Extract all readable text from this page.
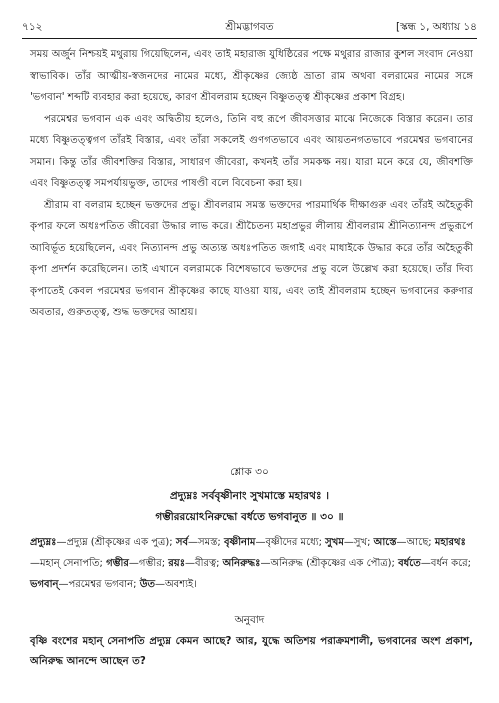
৭১২	শ্রীমদ্ভাগবত	[স্কন্ধ ১, অধ্যায় ১৪

সময় অর্জুন নিশ্চয়ই মথুরায় গিয়েছিলেন, এবং তাই মহারাজ যুধিষ্ঠিরের পক্ষে মথুরার রাজার কুশল সংবাদ নেওয়া স্বাভাবিক। তাঁর আত্মীয়-স্বজনদের নামের মধ্যে, শ্রীকৃষ্ণের জ্যেষ্ঠ ভ্রাতা রাম অথবা বলরামের নামের সঙ্গে 'ভগবান' শব্দটি ব্যবহার করা হয়েছে, কারণ শ্রীবলরাম হচ্ছেন বিষ্ণুতত্ত্ব শ্রীকৃষ্ণের প্রকাশ বিগ্রহ।

পরমেশ্বর ভগবান এক এবং অদ্বিতীয় হলেও, তিনি বহু রূপে জীবসত্তার মাঝে নিজেকে বিস্তার করেন। তার মধ্যে বিষ্ণুতত্ত্বগণ তাঁরই বিস্তার, এবং তাঁরা সকলেই গুণগতভাবে এবং আয়তনগতভাবে পরমেশ্বর ভগবানের সমান। কিন্তু তাঁর জীবশক্তির বিস্তার, সাধারণ জীবেরা, কখনই তাঁর সমকক্ষ নয়। যারা মনে করে যে, জীবশক্তি এবং বিষ্ণুতত্ত্ব সমপর্যায়ভুক্ত, তাদের পাষণ্ডী বলে বিবেচনা করা হয়।

শ্রীরাম বা বলরাম হচ্ছেন ভক্তদের প্রভু। শ্রীবলরাম সমস্ত ভক্তদের পারমার্থিক দীক্ষাগুরু এবং তাঁরই অহৈতুকী কৃপার ফলে অধঃপতিত জীবেরা উদ্ধার লাভ করে। শ্রীচৈতন্য মহাপ্রভুর লীলায় শ্রীবলরাম শ্রীনিত্যানন্দ প্রভুরূপে আবির্ভূত হয়েছিলেন, এবং নিত্যানন্দ প্রভু অত্যন্ত অধঃপতিত জগাই এবং মাধাইকে উদ্ধার করে তাঁর অহৈতুকী কৃপা প্রদর্শন করেছিলেন। তাই এখানে বলরামকে বিশেষভাবে ভক্তদের প্রভু বলে উল্লেখ করা হয়েছে। তাঁর দিব্য কৃপাতেই কেবল পরমেশ্বর ভগবান শ্রীকৃষ্ণের কাছে যাওয়া যায়, এবং তাই শ্রীবলরাম হচ্ছেন ভগবানের করুণার অবতার, গুরুতত্ত্ব, শুদ্ধ ভক্তদের আশ্রয়।

শ্লোক ৩০
প্রদ্যুম্নঃ সর্ববৃষ্ণীনাং সুখমাস্তে মহারথঃ ।
গম্ভীররয়োঽনিরুদ্ধো বর্ধতে ভগবানুত ॥ ৩০ ॥
প্রদ্যুম্নঃ—প্রদ্যুম্ন (শ্রীকৃষ্ণের এক পুত্র); সর্ব—সমস্ত; বৃষ্ণীনাম—বৃষ্ণীদের মধ্যে; সুখম—সুখ; আস্তে—আছে; মহারথঃ—মহান্ সেনাপতি; গম্ভীর—গম্ভীর; রয়ঃ—বীরত্ব; অনিরুদ্ধঃ—অনিরুদ্ধ (শ্রীকৃষ্ণের এক পৌত্র); বর্ধতে—বর্ধন করে; ভগবান্—পরমেশ্বর ভগবান; উত—অবশ্যই।
অনুবাদ
বৃষ্ণি বংশের মহান্ সেনাপতি প্রদ্যুম্ন কেমন আছে? আর, যুদ্ধে অতিশয় পরাক্রমশালী, ভগবানের অংশ প্রকাশ, অনিরুদ্ধ আনন্দে আছেন ত?
